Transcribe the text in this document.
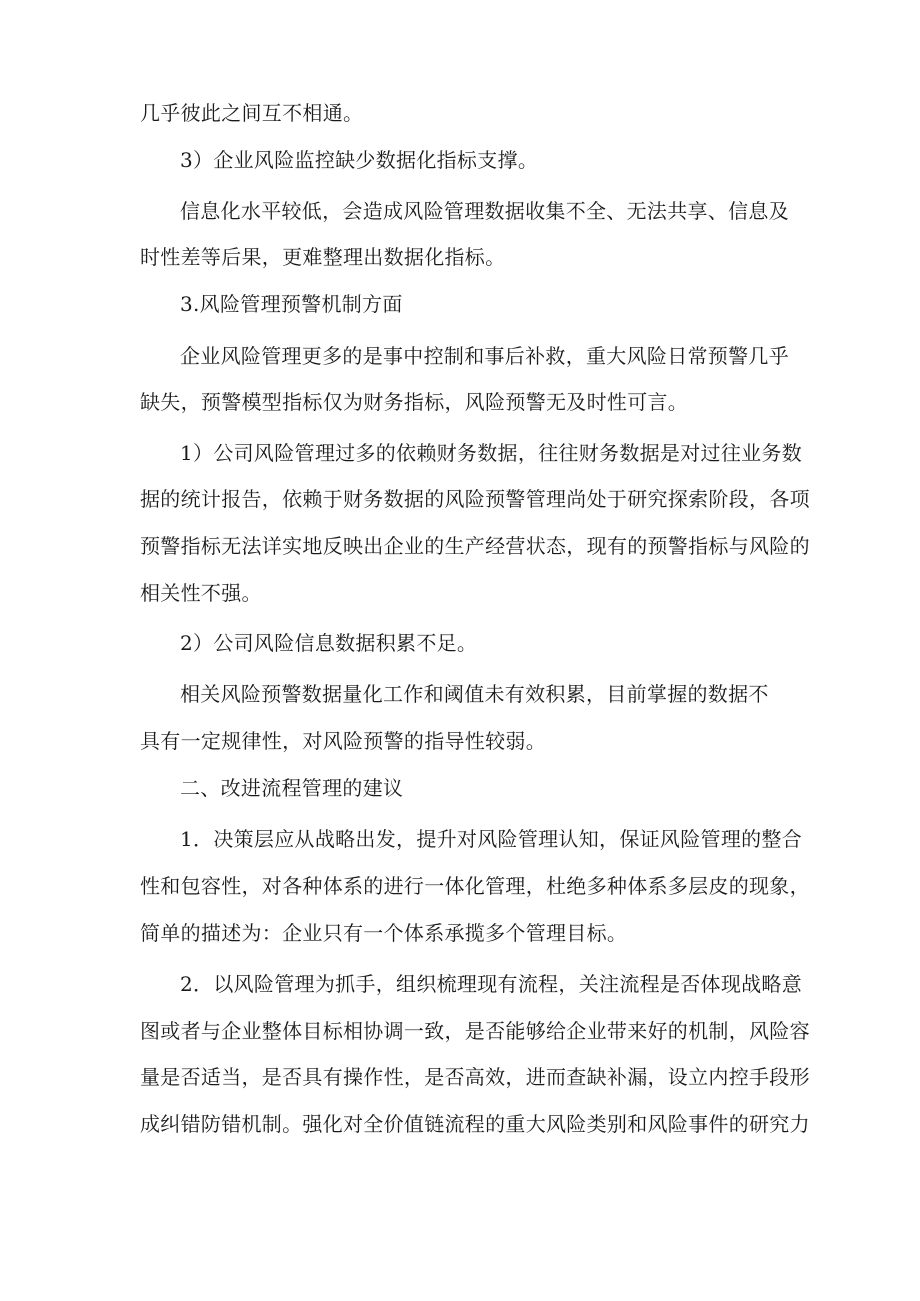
几乎彼此之间互不相通。
3）企业风险监控缺少数据化指标支撑。
信息化水平较低，会造成风险管理数据收集不全、无法共享、信息及
时性差等后果，更难整理出数据化指标。
3.风险管理预警机制方面
企业风险管理更多的是事中控制和事后补救，重大风险日常预警几乎
缺失，预警模型指标仅为财务指标，风险预警无及时性可言。
1）公司风险管理过多的依赖财务数据，往往财务数据是对过往业务数
据的统计报告，依赖于财务数据的风险预警管理尚处于研究探索阶段，各项
预警指标无法详实地反映出企业的生产经营状态，现有的预警指标与风险的
相关性不强。
2）公司风险信息数据积累不足。
相关风险预警数据量化工作和阈值未有效积累，目前掌握的数据不
具有一定规律性，对风险预警的指导性较弱。
二、改进流程管理的建议
1．决策层应从战略出发，提升对风险管理认知，保证风险管理的整合
性和包容性，对各种体系的进行一体化管理，杜绝多种体系多层皮的现象，
简单的描述为：企业只有一个体系承揽多个管理目标。
2．以风险管理为抓手，组织梳理现有流程，关注流程是否体现战略意
图或者与企业整体目标相协调一致，是否能够给企业带来好的机制，风险容
量是否适当，是否具有操作性，是否高效，进而查缺补漏，设立内控手段形
成纠错防错机制。强化对全价值链流程的重大风险类别和风险事件的研究力
